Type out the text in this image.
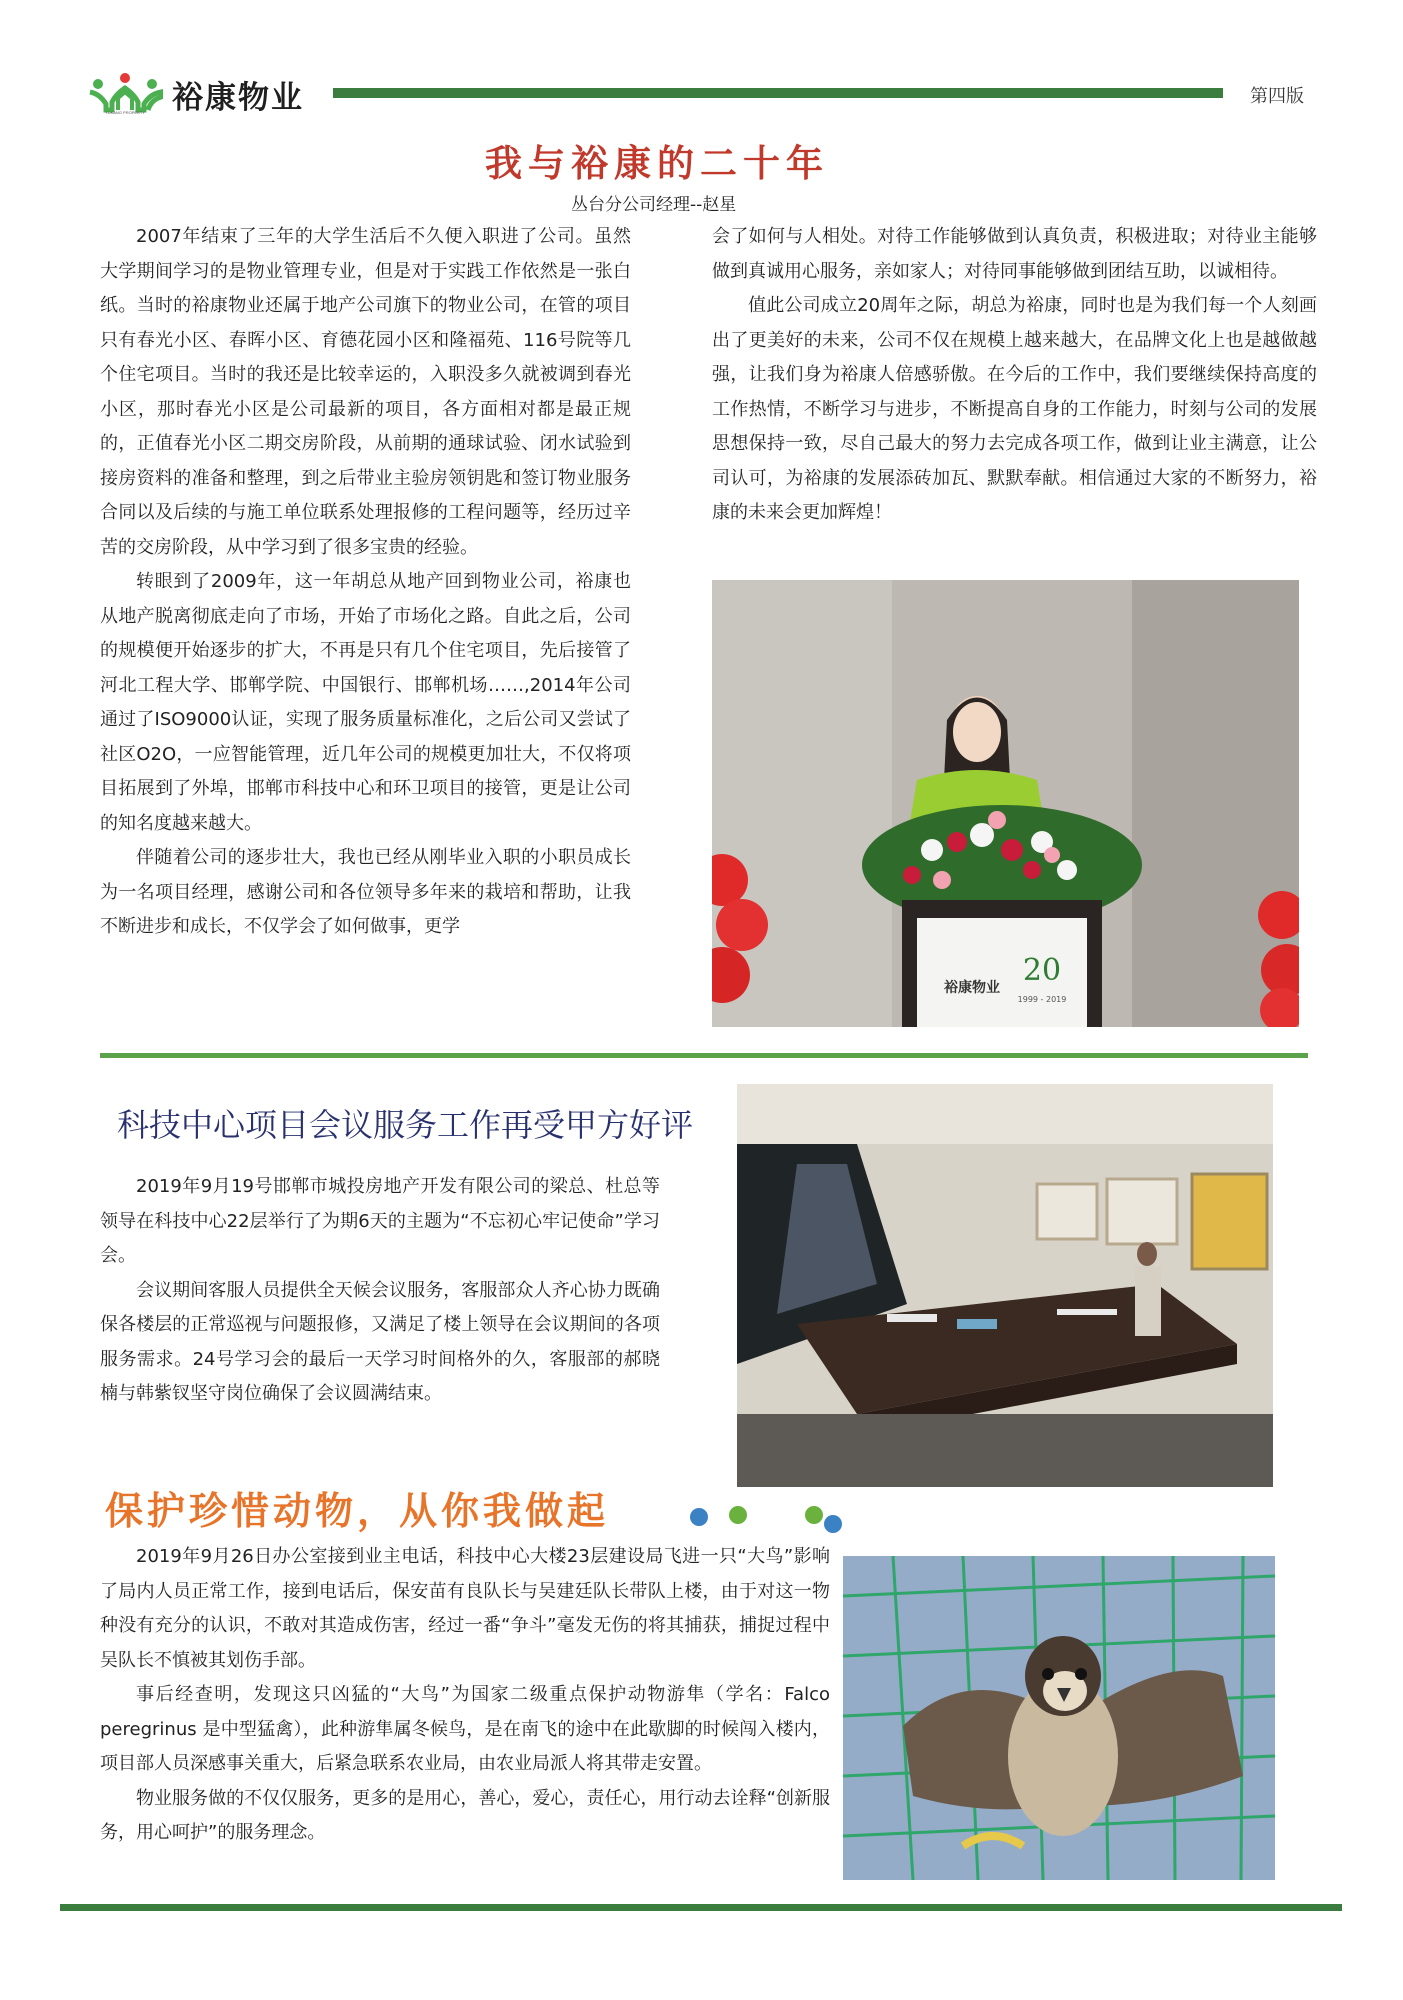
YUKANG PROPERTY 裕康物业	第四版
我与裕康的二十年
丛台分公司经理--赵星

2007年结束了三年的大学生活后不久便入职进了公司。虽然大学期间学习的是物业管理专业，但是对于实践工作依然是一张白纸。当时的裕康物业还属于地产公司旗下的物业公司，在管的项目只有春光小区、春晖小区、育德花园小区和隆福苑、116号院等几个住宅项目。当时的我还是比较幸运的，入职没多久就被调到春光小区，那时春光小区是公司最新的项目，各方面相对都是最正规的，正值春光小区二期交房阶段，从前期的通球试验、闭水试验到接房资料的准备和整理，到之后带业主验房领钥匙和签订物业服务合同以及后续的与施工单位联系处理报修的工程问题等，经历过辛苦的交房阶段，从中学习到了很多宝贵的经验。

转眼到了2009年，这一年胡总从地产回到物业公司，裕康也从地产脱离彻底走向了市场，开始了市场化之路。自此之后，公司的规模便开始逐步的扩大，不再是只有几个住宅项目，先后接管了河北工程大学、邯郸学院、中国银行、邯郸机场……,2014年公司通过了ISO9000认证，实现了服务质量标准化，之后公司又尝试了社区O2O，一应智能管理，近几年公司的规模更加壮大，不仅将项目拓展到了外埠，邯郸市科技中心和环卫项目的接管，更是让公司的知名度越来越大。

伴随着公司的逐步壮大，我也已经从刚毕业入职的小职员成长为一名项目经理，感谢公司和各位领导多年来的栽培和帮助，让我不断进步和成长，不仅学会了如何做事，更学

会了如何与人相处。对待工作能够做到认真负责，积极进取；对待业主能够做到真诚用心服务，亲如家人；对待同事能够做到团结互助，以诚相待。

值此公司成立20周年之际，胡总为裕康，同时也是为我们每一个人刻画出了更美好的未来，公司不仅在规模上越来越大，在品牌文化上也是越做越强，让我们身为裕康人倍感骄傲。在今后的工作中，我们要继续保持高度的工作热情，不断学习与进步，不断提高自身的工作能力，时刻与公司的发展思想保持一致，尽自己最大的努力去完成各项工作，做到让业主满意，让公司认可，为裕康的发展添砖加瓦、默默奉献。相信通过大家的不断努力，裕康的未来会更加辉煌！

裕康物业 20
1999 - 2019
科技中心项目会议服务工作再受甲方好评

2019年9月19号邯郸市城投房地产开发有限公司的梁总、杜总等领导在科技中心22层举行了为期6天的主题为“不忘初心牢记使命”学习会。

会议期间客服人员提供全天候会议服务，客服部众人齐心协力既确保各楼层的正常巡视与问题报修，又满足了楼上领导在会议期间的各项服务需求。24号学习会的最后一天学习时间格外的久，客服部的郝晓楠与韩紫钗坚守岗位确保了会议圆满结束。

保护珍惜动物，从你我做起

2019年9月26日办公室接到业主电话，科技中心大楼23层建设局飞进一只“大鸟”影响了局内人员正常工作，接到电话后，保安苗有良队长与吴建廷队长带队上楼，由于对这一物种没有充分的认识，不敢对其造成伤害，经过一番“争斗”毫发无伤的将其捕获，捕捉过程中吴队长不慎被其划伤手部。

事后经查明，发现这只凶猛的“大鸟”为国家二级重点保护动物游隼（学名：Falco peregrinus 是中型猛禽），此种游隼属冬候鸟，是在南飞的途中在此歇脚的时候闯入楼内，项目部人员深感事关重大，后紧急联系农业局，由农业局派人将其带走安置。

物业服务做的不仅仅服务，更多的是用心，善心，爱心，责任心，用行动去诠释“创新服务，用心呵护”的服务理念。
